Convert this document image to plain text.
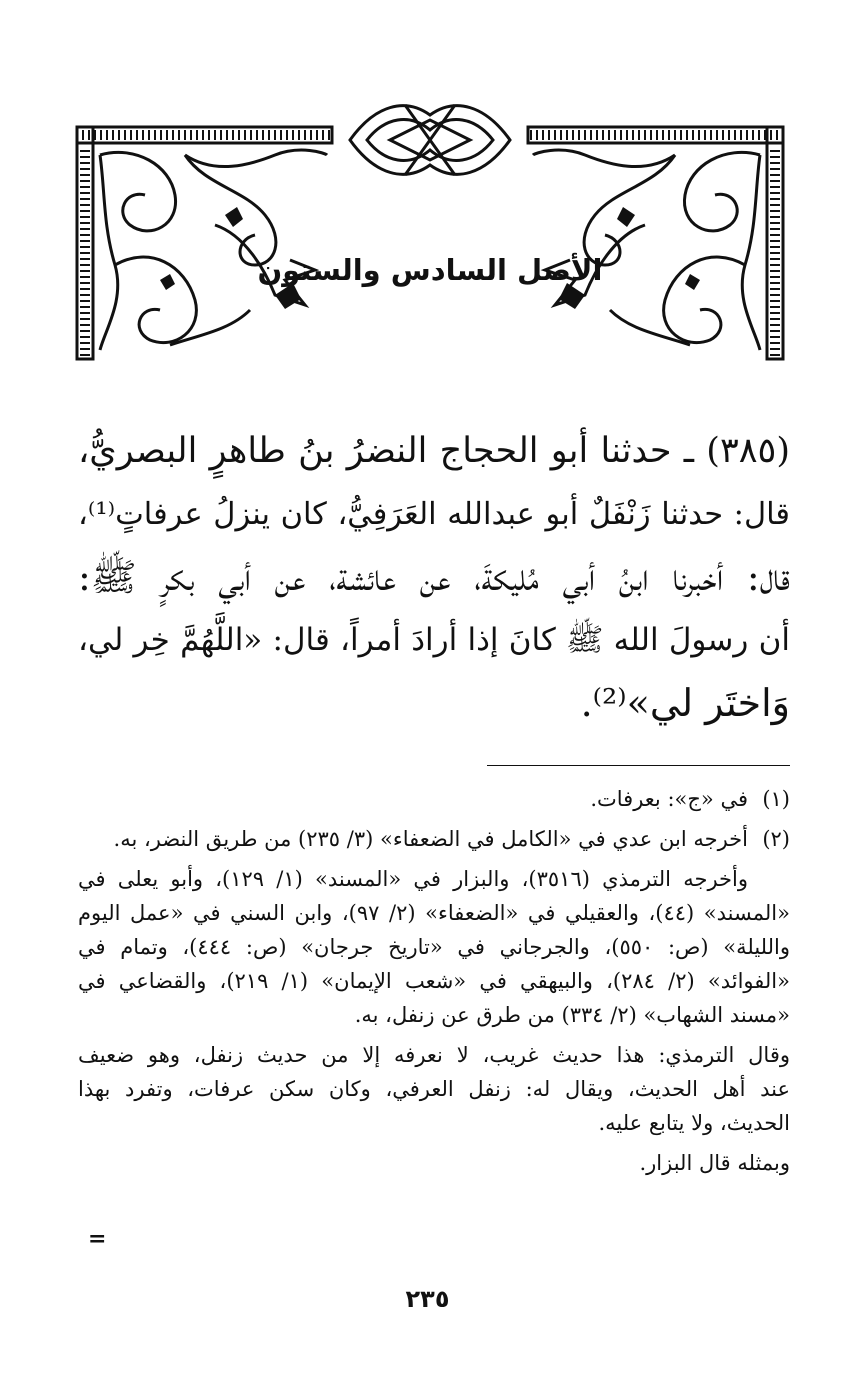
الأصل السادس والستون
(٣٨٥) ـ حدثنا أبو الحجاج النضرُ بنُ طاهرٍ البصريُّ،
قال: حدثنا زَنْفَلٌ أبو عبدالله العَرَفِيُّ، كان ينزلُ عرفاتٍ⁽¹⁾،
قال: أخبرنا ابنُ أبي مُليكةَ، عن عائشة، عن أبي بكرٍ ﷺ:
أن رسولَ الله ﷺ كانَ إذا أرادَ أمراً، قال: «اللَّهُمَّ خِر لي،
وَاختَر لي»⁽²⁾.
(١)في «ج»: بعرفات.
(٢)أخرجه ابن عدي في «الكامل في الضعفاء» (٣/ ٢٣٥) من طريق النضر، به.
وأخرجه الترمذي (٣٥١٦)، والبزار في «المسند» (١/ ١٢٩)، وأبو يعلى في
«المسند» (٤٤)، والعقيلي في «الضعفاء» (٢/ ٩٧)، وابن السني في «عمل اليوم
والليلة» (ص: ٥٥٠)، والجرجاني في «تاريخ جرجان» (ص: ٤٤٤)، وتمام في
«الفوائد» (٢/ ٢٨٤)، والبيهقي في «شعب الإيمان» (١/ ٢١٩)، والقضاعي في
«مسند الشهاب» (٢/ ٣٣٤) من طرق عن زنفل، به.
وقال الترمذي: هذا حديث غريب، لا نعرفه إلا من حديث زنفل، وهو ضعيف
عند أهل الحديث، ويقال له: زنفل العرفي، وكان سكن عرفات، وتفرد بهذا
الحديث، ولا يتابع عليه.
وبمثله قال البزار.
=
٢٣٥
